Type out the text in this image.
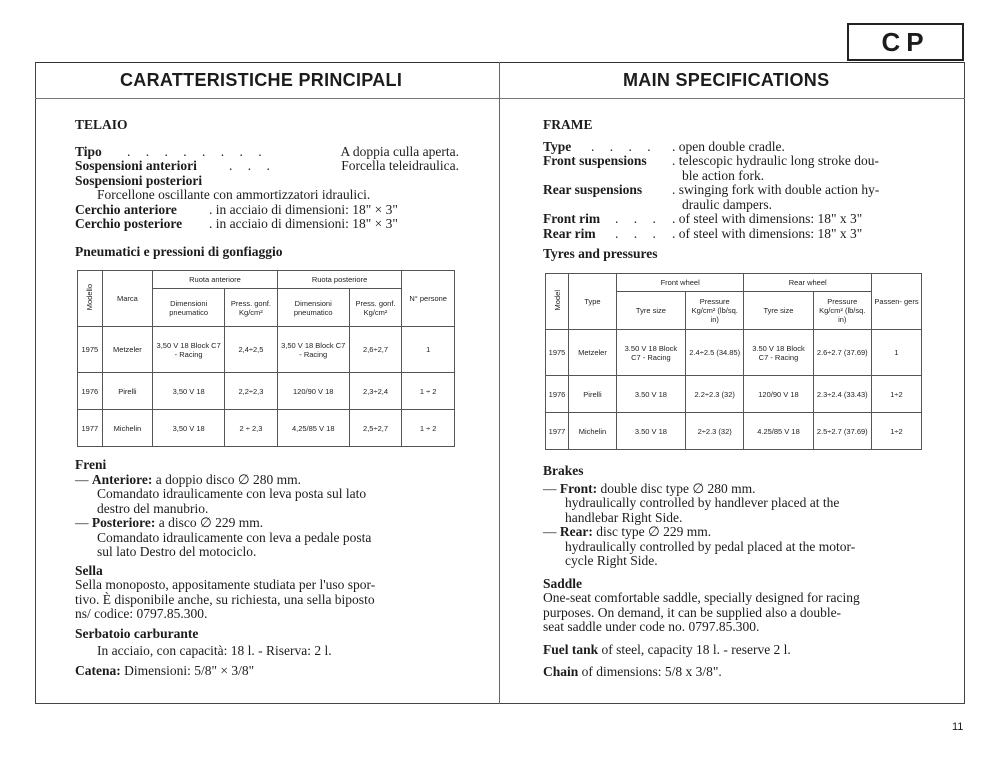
CP
CARATTERISTICHE PRINCIPALI	MAIN SPECIFICATIONS
TELAIO
Tipo . . . . . . . .	A doppia culla aperta.
Sospensioni anteriori . . .	Forcella teleidraulica.
Sospensioni posteriori
Forcellone oscillante con ammortizzatori idraulici.
Cerchio anteriore . in acciaio di dimensioni: 18" × 3"
Cerchio posteriore . in acciaio di dimensioni: 18" × 3"
Pneumatici e pressioni di gonfiaggio
Modello	Marca	Ruota anteriore		Ruota posteriore		N° persone
		Dimensioni pneumatico	Press. gonf. Kg/cm²	Dimensioni pneumatico	Press. gonf. Kg/cm²	
1975	Metzeler	3,50 V 18 Block C7 - Racing	2,4÷2,5	3,50 V 18 Block C7 - Racing	2,6÷2,7	1
1976	Pirelli	3,50 V 18	2,2÷2,3	120/90 V 18	2,3÷2,4	1 ÷ 2
1977	Michelin	3,50 V 18	2 ÷ 2,3	4,25/85 V 18	2,5÷2,7	1 ÷ 2
Freni
— Anteriore: a doppio disco ∅ 280 mm.
Comandato idraulicamente con leva posta sul lato
destro del manubrio.
— Posteriore: a disco ∅ 229 mm.
Comandato idraulicamente con leva a pedale posta
sul lato Destro del motociclo.
Sella
Sella monoposto, appositamente studiata per l'uso spor-
tivo. È disponibile anche, su richiesta, una sella biposto
ns/ codice: 0797.85.300.
Serbatoio carburante
In acciaio, con capacità: 18 l. - Riserva: 2 l.
Catena: Dimensioni: 5/8" × 3/8"
FRAME
Type . . . . . open double cradle.
Front suspensions . telescopic hydraulic long stroke dou-
ble action fork.
Rear suspensions . swinging fork with double action hy-
draulic dampers.
Front rim . . . . of steel with dimensions: 18" x 3"
Rear rim . . . . of steel with dimensions: 18" x 3"
Tyres and pressures
Model	Type	Front wheel		Rear wheel		Passen- gers
		Tyre size	Pressure Kg/cm² (lb/sq. in)	Tyre size	Pressure Kg/cm² (lb/sq. in)	
1975	Metzeler	3.50 V 18 Block C7 - Racing	2.4÷2.5 (34.85)	3.50 V 18 Block C7 - Racing	2.6÷2.7 (37.69)	1
1976	Pirelli	3.50 V 18	2.2÷2.3 (32)	120/90 V 18	2.3÷2.4 (33.43)	1÷2
1977	Michelin	3.50 V 18	2÷2.3 (32)	4.25/85 V 18	2.5÷2.7 (37.69)	1÷2
Brakes
— Front: double disc type ∅ 280 mm.
hydraulically controlled by handlever placed at the
handlebar Right Side.
— Rear: disc type ∅ 229 mm.
hydraulically controlled by pedal placed at the motor-
cycle Right Side.
Saddle
One-seat comfortable saddle, specially designed for racing
purposes. On demand, it can be supplied also a double-
seat saddle under code no. 0797.85.300.
Fuel tank of steel, capacity 18 l. - reserve 2 l.
Chain of dimensions: 5/8 x 3/8".
11
